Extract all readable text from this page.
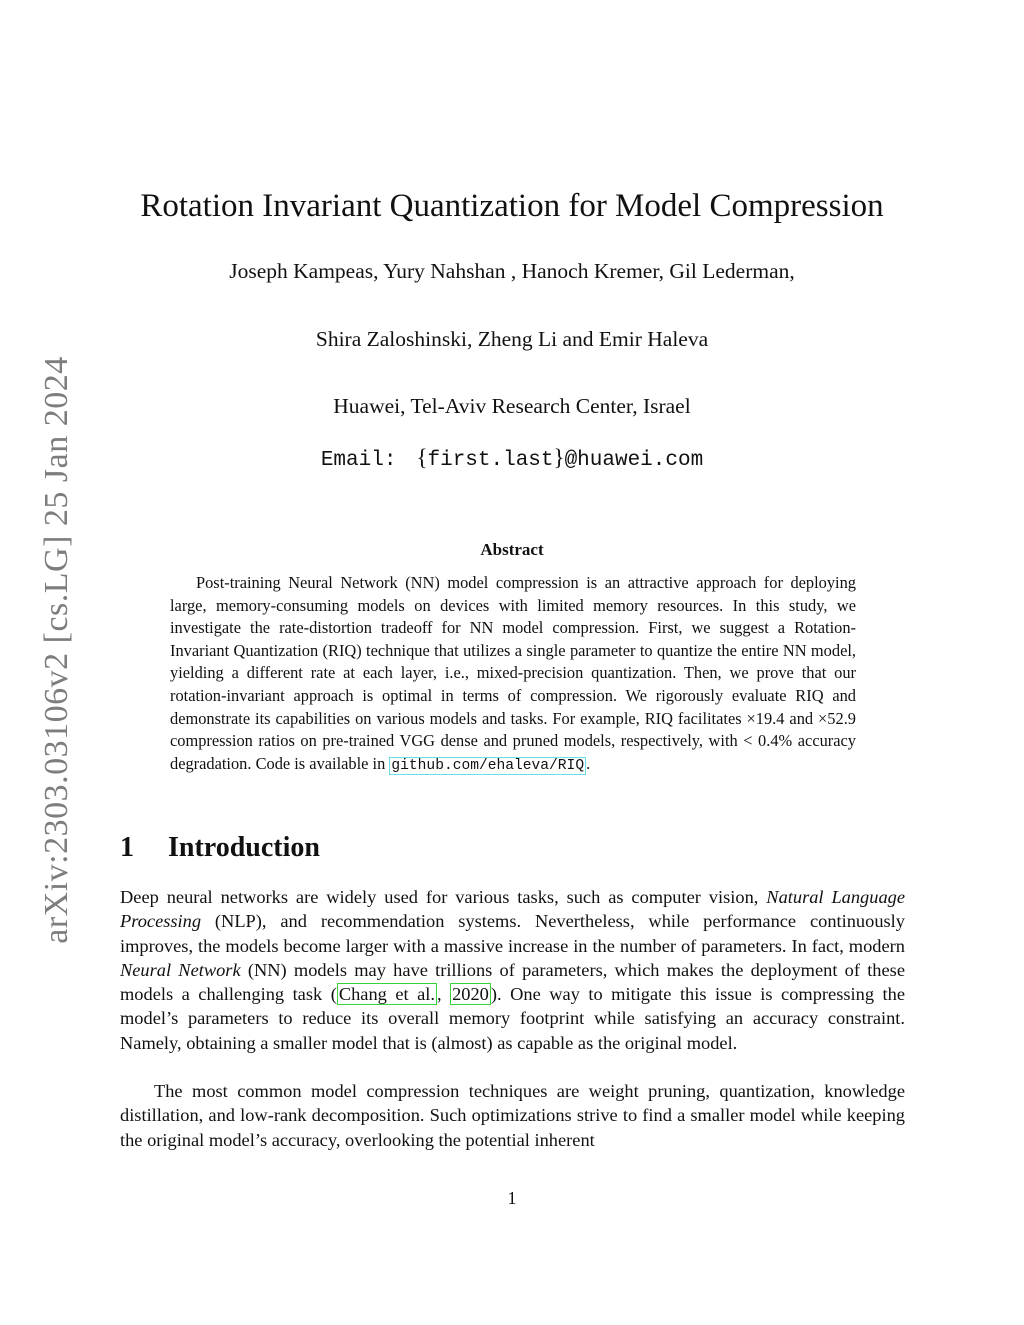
arXiv:2303.03106v2 [cs.LG] 25 Jan 2024
Rotation Invariant Quantization for Model Compression
Joseph Kampeas, Yury Nahshan , Hanoch Kremer, Gil Lederman,
Shira Zaloshinski, Zheng Li and Emir Haleva
Huawei, Tel-Aviv Research Center, Israel
Email: {first.last}@huawei.com
Abstract

Post-training Neural Network (NN) model compression is an attractive approach for deploying large, memory-consuming models on devices with limited memory resources. In this study, we investigate the rate-distortion tradeoff for NN model compression. First, we suggest a Rotation-Invariant Quantization (RIQ) technique that utilizes a single parameter to quantize the entire NN model, yielding a different rate at each layer, i.e., mixed-precision quantization. Then, we prove that our rotation-invariant approach is optimal in terms of compression. We rigorously evaluate RIQ and demonstrate its capabilities on various models and tasks. For example, RIQ facilitates ×19.4 and ×52.9 compression ratios on pre-trained VGG dense and pruned models, respectively, with < 0.4% accuracy degradation. Code is available in github.com/ehaleva/RIQ .

1 Introduction

Deep neural networks are widely used for various tasks, such as computer vision, Natural Language Processing (NLP), and recommendation systems. Nevertheless, while performance continuously improves, the models become larger with a massive increase in the number of parameters. In fact, modern Neural Network (NN) models may have trillions of parameters, which makes the deployment of these models a challenging task ( Chang et al. , 2020 ). One way to mitigate this issue is compressing the model’s parameters to reduce its overall memory footprint while satisfying an accuracy constraint. Namely, obtaining a smaller model that is (almost) as capable as the original model.

The most common model compression techniques are weight pruning, quantization, knowledge distillation, and low-rank decomposition. Such optimizations strive to find a smaller model while keeping the original model’s accuracy, overlooking the potential inherent

1
